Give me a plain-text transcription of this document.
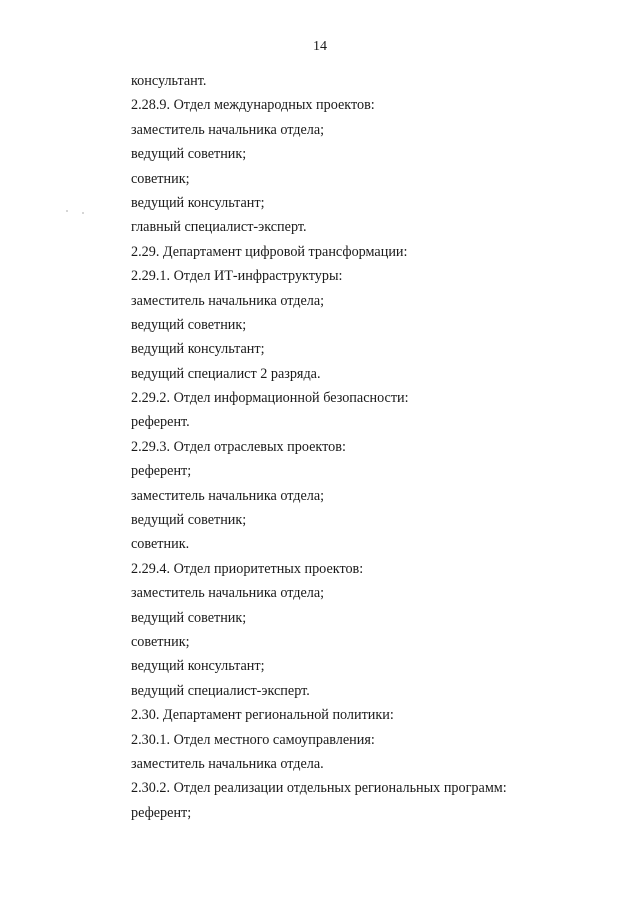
14
консультант.
2.28.9. Отдел международных проектов:
заместитель начальника отдела;
ведущий советник;
советник;
ведущий консультант;
главный специалист-эксперт.
2.29. Департамент цифровой трансформации:
2.29.1. Отдел ИТ-инфраструктуры:
заместитель начальника отдела;
ведущий советник;
ведущий консультант;
ведущий специалист 2 разряда.
2.29.2. Отдел информационной безопасности:
референт.
2.29.3. Отдел отраслевых проектов:
референт;
заместитель начальника отдела;
ведущий советник;
советник.
2.29.4. Отдел приоритетных проектов:
заместитель начальника отдела;
ведущий советник;
советник;
ведущий консультант;
ведущий специалист-эксперт.
2.30. Департамент региональной политики:
2.30.1. Отдел местного самоуправления:
заместитель начальника отдела.
2.30.2. Отдел реализации отдельных региональных программ:
референт;
